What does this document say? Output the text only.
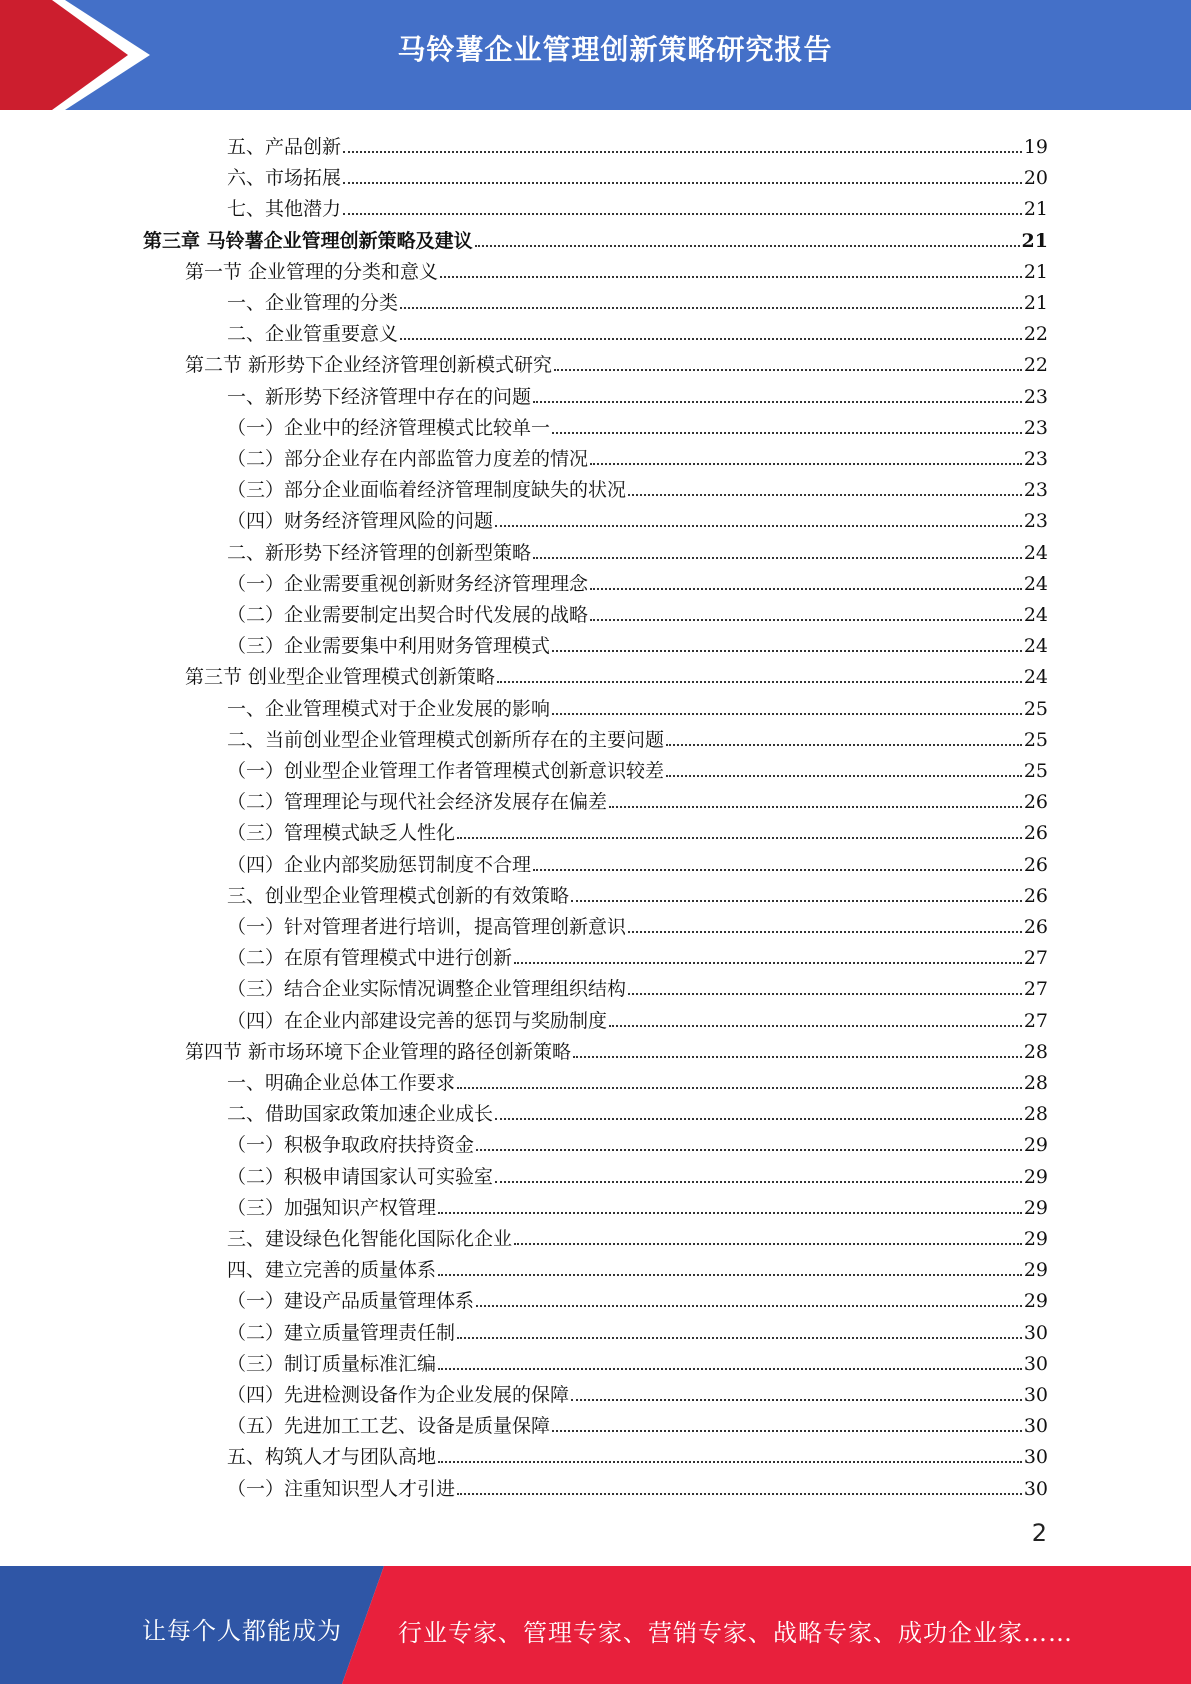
马铃薯企业管理创新策略研究报告
五、产品创新	19
六、市场拓展	20
七、其他潜力	21
第三章 马铃薯企业管理创新策略及建议	21
第一节 企业管理的分类和意义	21
一、企业管理的分类	21
二、企业管重要意义	22
第二节 新形势下企业经济管理创新模式研究	22
一、新形势下经济管理中存在的问题	23
（一）企业中的经济管理模式比较单一	23
（二）部分企业存在内部监管力度差的情况	23
（三）部分企业面临着经济管理制度缺失的状况	23
（四）财务经济管理风险的问题	23
二、新形势下经济管理的创新型策略	24
（一）企业需要重视创新财务经济管理理念	24
（二）企业需要制定出契合时代发展的战略	24
（三）企业需要集中利用财务管理模式	24
第三节 创业型企业管理模式创新策略	24
一、企业管理模式对于企业发展的影响	25
二、当前创业型企业管理模式创新所存在的主要问题	25
（一）创业型企业管理工作者管理模式创新意识较差	25
（二）管理理论与现代社会经济发展存在偏差	26
（三）管理模式缺乏人性化	26
（四）企业内部奖励惩罚制度不合理	26
三、创业型企业管理模式创新的有效策略	26
（一）针对管理者进行培训，提高管理创新意识	26
（二）在原有管理模式中进行创新	27
（三）结合企业实际情况调整企业管理组织结构	27
（四）在企业内部建设完善的惩罚与奖励制度	27
第四节 新市场环境下企业管理的路径创新策略	28
一、明确企业总体工作要求	28
二、借助国家政策加速企业成长	28
（一）积极争取政府扶持资金	29
（二）积极申请国家认可实验室	29
（三）加强知识产权管理	29
三、建设绿色化智能化国际化企业	29
四、建立完善的质量体系	29
（一）建设产品质量管理体系	29
（二）建立质量管理责任制	30
（三）制订质量标准汇编	30
（四）先进检测设备作为企业发展的保障	30
（五）先进加工工艺、设备是质量保障	30
五、构筑人才与团队高地	30
（一）注重知识型人才引进	30
2
让每个人都能成为 行业专家、管理专家、营销专家、战略专家、成功企业家……
